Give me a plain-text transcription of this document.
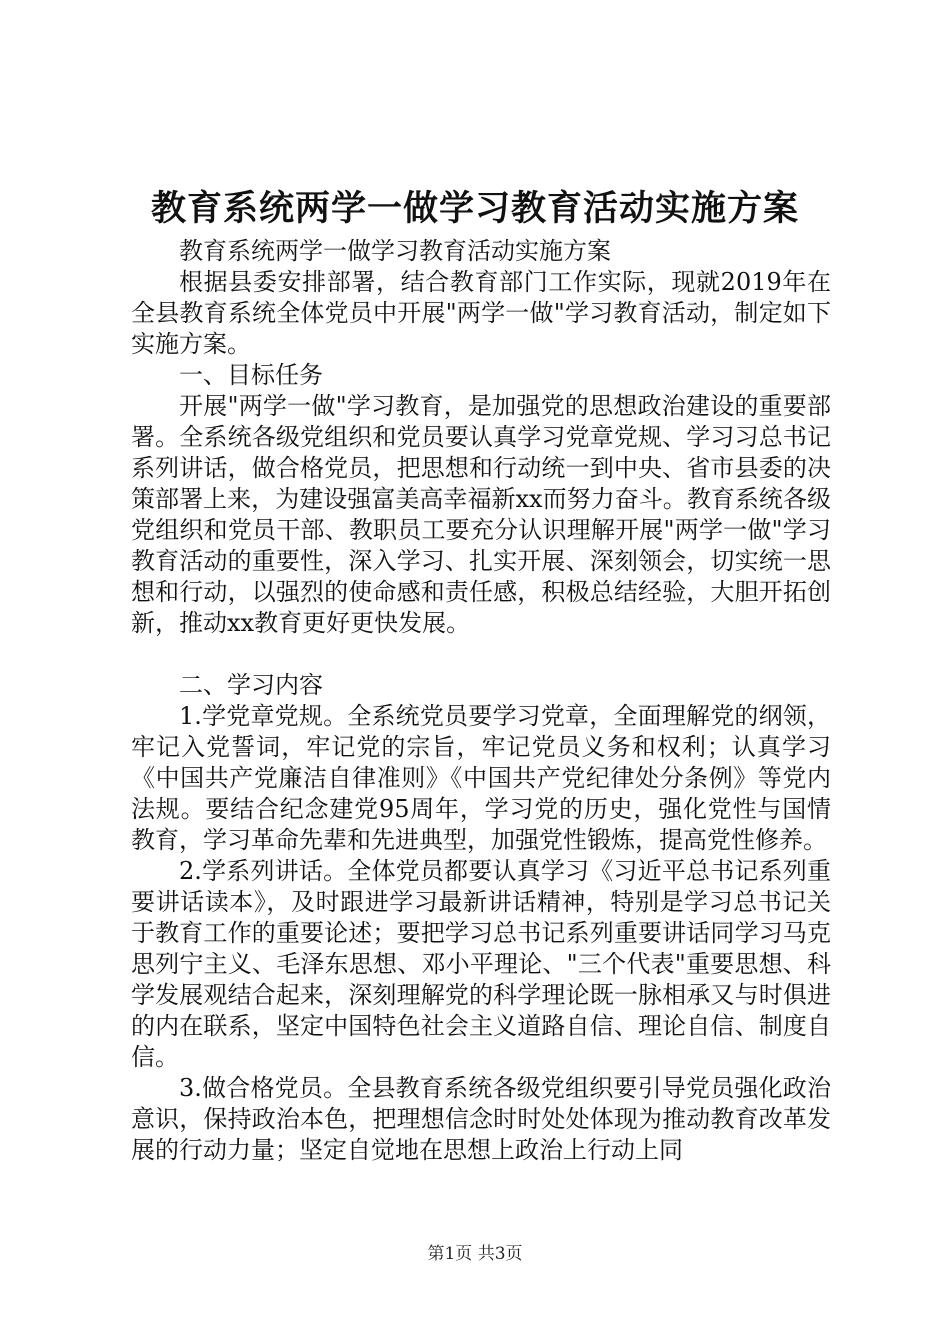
教育系统两学一做学习教育活动实施方案

教育系统两学一做学习教育活动实施方案

根据县委安排部署，结合教育部门工作实际，现就2019年在全县教育系统全体党员中开展"两学一做"学习教育活动，制定如下实施方案。

一、目标任务

开展"两学一做"学习教育，是加强党的思想政治建设的重要部署。全系统各级党组织和党员要认真学习党章党规、学习习总书记系列讲话，做合格党员，把思想和行动统一到中央、省市县委的决策部署上来，为建设强富美高幸福新xx而努力奋斗。教育系统各级党组织和党员干部、教职员工要充分认识理解开展"两学一做"学习教育活动的重要性，深入学习、扎实开展、深刻领会，切实统一思想和行动，以强烈的使命感和责任感，积极总结经验，大胆开拓创新，推动xx教育更好更快发展。

二、学习内容

1.学党章党规。全系统党员要学习党章，全面理解党的纲领，牢记入党誓词，牢记党的宗旨，牢记党员义务和权利；认真学习《中国共产党廉洁自律准则》《中国共产党纪律处分条例》等党内法规。要结合纪念建党95周年，学习党的历史，强化党性与国情教育，学习革命先辈和先进典型，加强党性锻炼，提高党性修养。

2.学系列讲话。全体党员都要认真学习《习近平总书记系列重要讲话读本》，及时跟进学习最新讲话精神，特别是学习总书记关于教育工作的重要论述；要把学习总书记系列重要讲话同学习马克思列宁主义、毛泽东思想、邓小平理论、"三个代表"重要思想、科学发展观结合起来，深刻理解党的科学理论既一脉相承又与时俱进的内在联系，坚定中国特色社会主义道路自信、理论自信、制度自信。

3.做合格党员。全县教育系统各级党组织要引导党员强化政治意识，保持政治本色，把理想信念时时处处体现为推动教育改革发展的行动力量；坚定自觉地在思想上政治上行动上同

第1页 共3页
